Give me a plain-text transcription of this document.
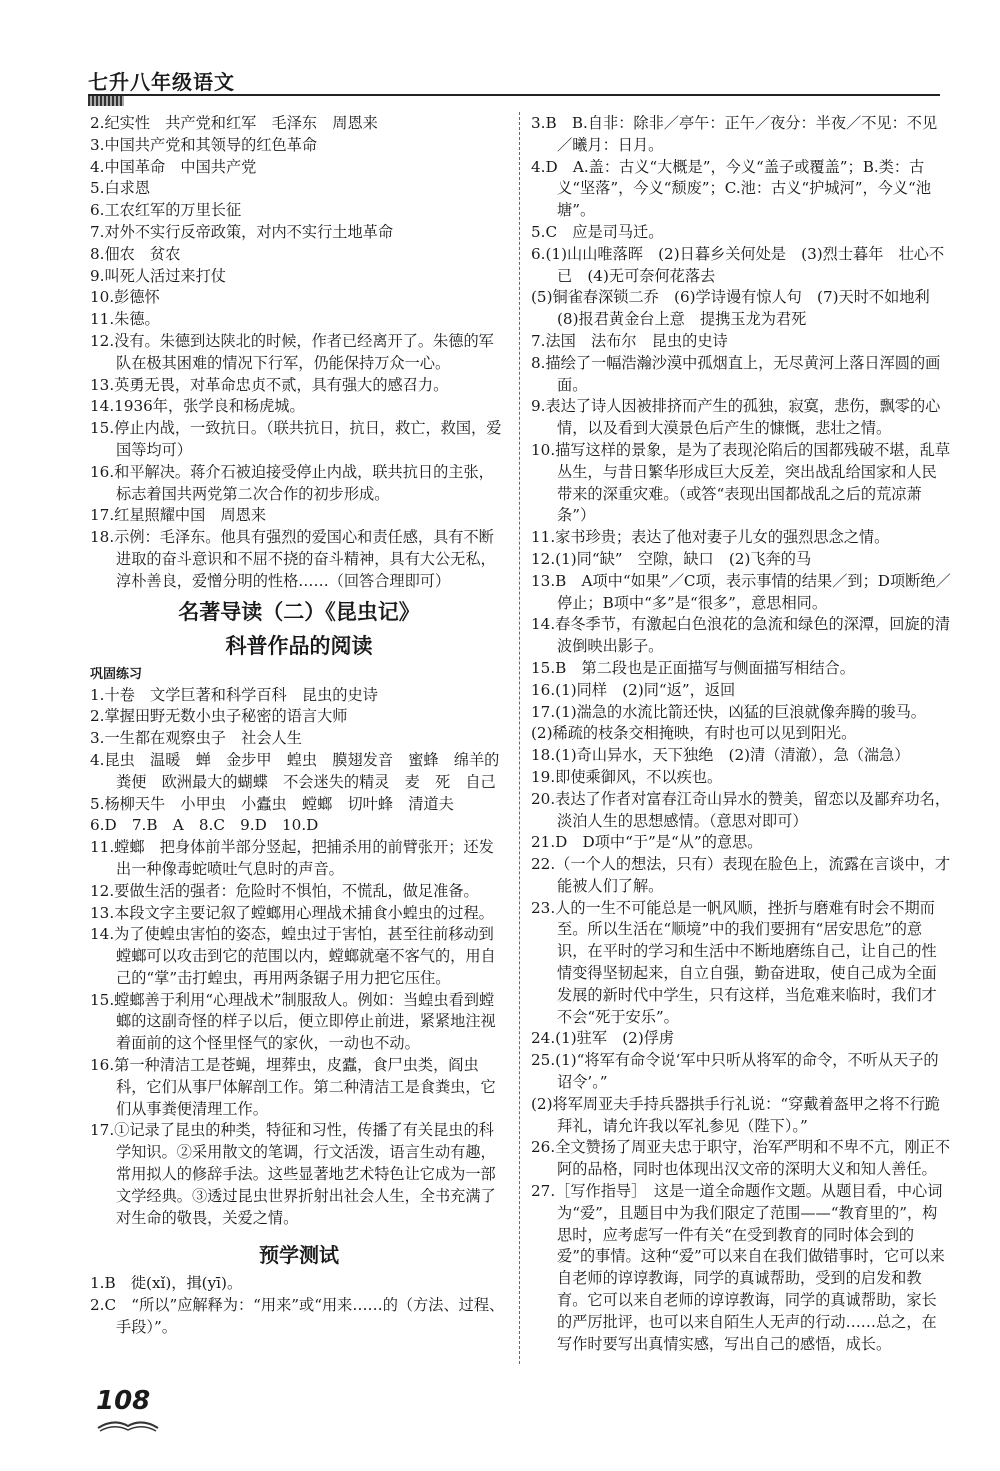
七升八年级语文
2.纪实性　共产党和红军　毛泽东　周恩来
3.中国共产党和其领导的红色革命
4.中国革命　中国共产党
5.白求恩
6.工农红军的万里长征
7.对外不实行反帝政策，对内不实行土地革命
8.佃农　贫农
9.叫死人活过来打仗
10.彭德怀
11.朱德。
12.没有。朱德到达陕北的时候，作者已经离开了。朱德的军队在极其困难的情况下行军，仍能保持万众一心。
13.英勇无畏，对革命忠贞不贰，具有强大的感召力。
14.1936年，张学良和杨虎城。
15.停止内战，一致抗日。（联共抗日，抗日，救亡，救国，爱国等均可）
16.和平解决。蒋介石被迫接受停止内战，联共抗日的主张，标志着国共两党第二次合作的初步形成。
17.红星照耀中国　周恩来
18.示例：毛泽东。他具有强烈的爱国心和责任感，具有不断进取的奋斗意识和不屈不挠的奋斗精神，具有大公无私，淳朴善良，爱憎分明的性格……（回答合理即可）
名著导读（二）《昆虫记》
科普作品的阅读
巩固练习
1.十卷　文学巨著和科学百科　昆虫的史诗
2.掌握田野无数小虫子秘密的语言大师
3.一生都在观察虫子　社会人生
4.昆虫　温暖　蝉　金步甲　蝗虫　膜翅发音　蜜蜂　绵羊的粪便　欧洲最大的蝴蝶　不会迷失的精灵　麦　死　自己
5.杨柳天牛　小甲虫　小蠹虫　螳螂　切叶蜂　清道夫
6.D　7.B　A　8.C　9.D　10.D
11.螳螂　把身体前半部分竖起，把捕杀用的前臂张开；还发出一种像毒蛇喷吐气息时的声音。
12.要做生活的强者：危险时不惧怕，不慌乱，做足准备。
13.本段文字主要记叙了螳螂用心理战术捕食小蝗虫的过程。
14.为了使蝗虫害怕的姿态，蝗虫过于害怕，甚至往前移动到螳螂可以攻击到它的范围以内，螳螂就毫不客气的，用自己的“掌”击打蝗虫，再用两条锯子用力把它压住。
15.螳螂善于利用“心理战术”制服敌人。例如：当蝗虫看到螳螂的这副奇怪的样子以后，便立即停止前进，紧紧地注视着面前的这个怪里怪气的家伙，一动也不动。
16.第一种清洁工是苍蝇，埋葬虫，皮蠹，食尸虫类，阎虫科，它们从事尸体解剖工作。第二种清洁工是食粪虫，它们从事粪便清理工作。
17.①记录了昆虫的种类，特征和习性，传播了有关昆虫的科学知识。②采用散文的笔调，行文活泼，语言生动有趣，常用拟人的修辞手法。这些显著地艺术特色让它成为一部文学经典。③透过昆虫世界折射出社会人生，全书充满了对生命的敬畏，关爱之情。
预学测试
1.B　徙(xǐ)，揖(yī)。
2.C　“所以”应解释为：“用来”或“用来……的（方法、过程、手段）”。
3.B　B.自非：除非／亭午：正午／夜分：半夜／不见：不见／曦月：日月。
4.D　A.盖：古义“大概是”，今义“盖子或覆盖”；B.类：古义“坚落”，今义“颓废”；C.池：古义“护城河”，今义“池塘”。
5.C　应是司马迁。
6.(1)山山唯落晖　(2)日暮乡关何处是　(3)烈士暮年　壮心不已　(4)无可奈何花落去
(5)铜雀春深锁二乔　(6)学诗谩有惊人句　(7)天时不如地利　(8)报君黄金台上意　提携玉龙为君死
7.法国　法布尔　昆虫的史诗
8.描绘了一幅浩瀚沙漠中孤烟直上，无尽黄河上落日浑圆的画面。
9.表达了诗人因被排挤而产生的孤独，寂寞，悲伤，飘零的心情，以及看到大漠景色后产生的慷慨，悲壮之情。
10.描写这样的景象，是为了表现沦陷后的国都残破不堪，乱草丛生，与昔日繁华形成巨大反差，突出战乱给国家和人民带来的深重灾难。（或答“表现出国都战乱之后的荒凉萧条”）
11.家书珍贵；表达了他对妻子儿女的强烈思念之情。
12.(1)同“缺”　空隙，缺口　(2)飞奔的马
13.B　A项中“如果”／C项，表示事情的结果／到；D项断绝／停止；B项中“多”是“很多”，意思相同。
14.春冬季节，有激起白色浪花的急流和绿色的深潭，回旋的清波倒映出影子。
15.B　第二段也是正面描写与侧面描写相结合。
16.(1)同样　(2)同“返”，返回
17.(1)湍急的水流比箭还快，凶猛的巨浪就像奔腾的骏马。
(2)稀疏的枝条交相掩映，有时也可以见到阳光。
18.(1)奇山异水，天下独绝　(2)清（清澈），急（湍急）
19.即使乘御风，不以疾也。
20.表达了作者对富春江奇山异水的赞美，留恋以及鄙弃功名，淡泊人生的思想感情。（意思对即可）
21.D　D项中“于”是“从”的意思。
22.（一个人的想法，只有）表现在脸色上，流露在言谈中，才能被人们了解。
23.人的一生不可能总是一帆风顺，挫折与磨难有时会不期而至。所以生活在“顺境”中的我们要拥有“居安思危”的意识，在平时的学习和生活中不断地磨练自己，让自己的性情变得坚韧起来，自立自强，勤奋进取，使自己成为全面发展的新时代中学生，只有这样，当危难来临时，我们才不会“死于安乐”。
24.(1)驻军　(2)俘虏
25.(1)“将军有命令说‘军中只听从将军的命令，不听从天子的诏令’。”
(2)将军周亚夫手持兵器拱手行礼说：“穿戴着盔甲之将不行跪拜礼，请允许我以军礼参见（陛下）。”
26.全文赞扬了周亚夫忠于职守，治军严明和不卑不亢，刚正不阿的品格，同时也体现出汉文帝的深明大义和知人善任。
27.［写作指导］　这是一道全命题作文题。从题目看，中心词为“爱”，且题目中为我们限定了范围——“教育里的”，构思时，应考虑写一件有关“在受到教育的同时体会到的爱”的事情。这种“爱”可以来自在我们做错事时，它可以来自老师的谆谆教诲，同学的真诚帮助，受到的启发和教育。它可以来自老师的谆谆教诲，同学的真诚帮助，家长的严厉批评，也可以来自陌生人无声的行动……总之，在写作时要写出真情实感，写出自己的感悟，成长。
108
